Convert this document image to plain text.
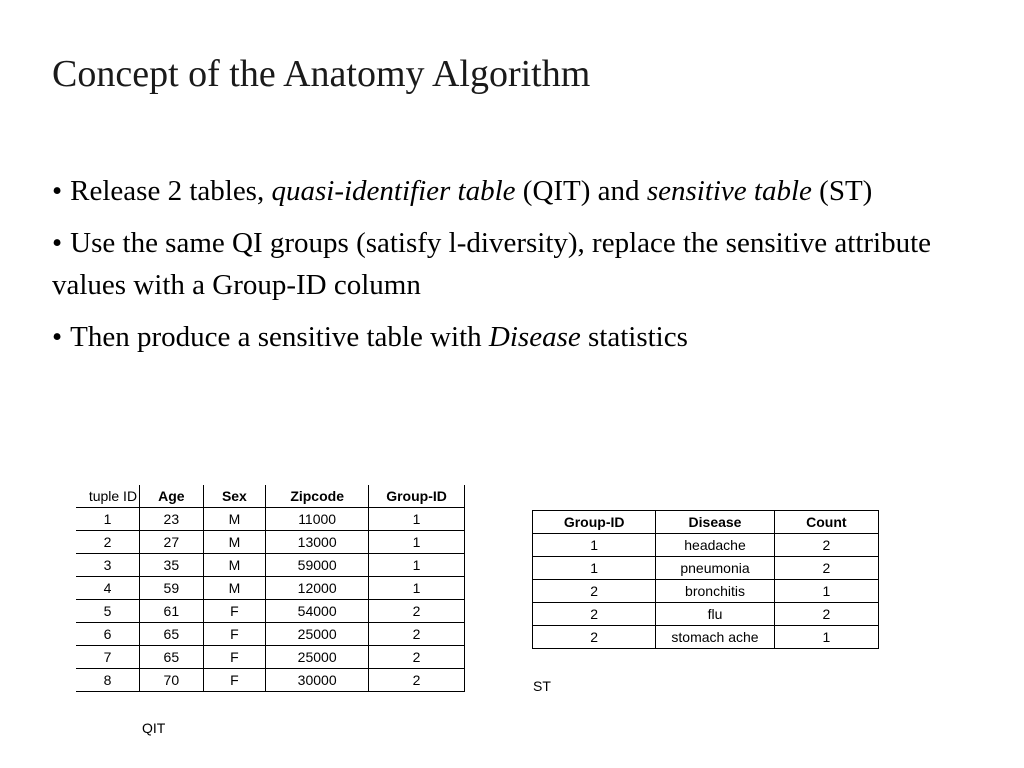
Concept of the Anatomy Algorithm
• Release 2 tables, quasi-identifier table (QIT) and sensitive table (ST)
• Use the same QI groups (satisfy l-diversity), replace the sensitive attribute values with a Group-ID column
• Then produce a sensitive table with Disease statistics
tuple ID	Age	Sex	Zipcode	Group-ID
1	23	M	11000	1
2	27	M	13000	1
3	35	M	59000	1
4	59	M	12000	1
5	61	F	54000	2
6	65	F	25000	2
7	65	F	25000	2
8	70	F	30000	2
Group-ID	Disease	Count
1	headache	2
1	pneumonia	2
2	bronchitis	1
2	flu	2
2	stomach ache	1
ST
QIT
